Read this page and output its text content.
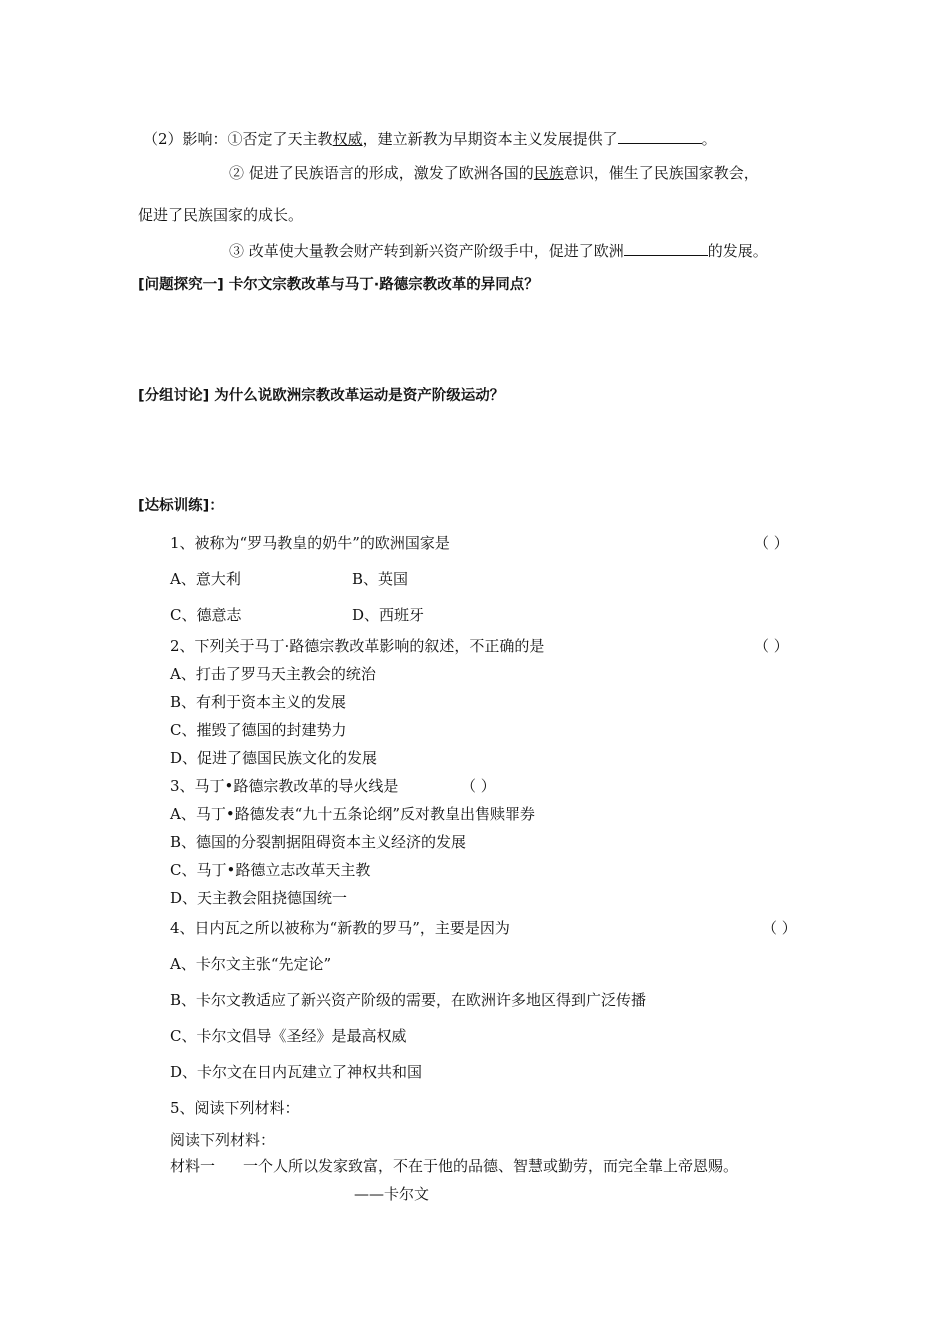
（2）影响：①否定了天主教权威，建立新教为早期资本主义发展提供了	。
② 促进了民族语言的形成，激发了欧洲各国的民族意识，催生了民族国家教会，
促进了民族国家的成长。
③ 改革使大量教会财产转到新兴资产阶级手中，促进了欧洲	的发展。
[问题探究一] 卡尔文宗教改革与马丁·路德宗教改革的异同点？
[分组讨论] 为什么说欧洲宗教改革运动是资产阶级运动？
[达标训练]：
1、被称为“罗马教皇的奶牛”的欧洲国家是	（ ）
A、意大利	B、英国
C、德意志	D、西班牙
2、下列关于马丁·路德宗教改革影响的叙述，不正确的是	（ ）
A、打击了罗马天主教会的统治
B、有利于资本主义的发展
C、摧毁了德国的封建势力
D、促进了德国民族文化的发展
3、马丁•路德宗教改革的导火线是	（ ）
A、马丁•路德发表“九十五条论纲”反对教皇出售赎罪券
B、德国的分裂割据阻碍资本主义经济的发展
C、马丁•路德立志改革天主教
D、天主教会阻挠德国统一
4、日内瓦之所以被称为“新教的罗马”，主要是因为	（ ）
A、卡尔文主张“先定论”
B、卡尔文教适应了新兴资产阶级的需要，在欧洲许多地区得到广泛传播
C、卡尔文倡导《圣经》是最高权威
D、卡尔文在日内瓦建立了神权共和国
5、阅读下列材料：
阅读下列材料：
材料一 一个人所以发家致富，不在于他的品德、智慧或勤劳，而完全靠上帝恩赐。
——卡尔文
